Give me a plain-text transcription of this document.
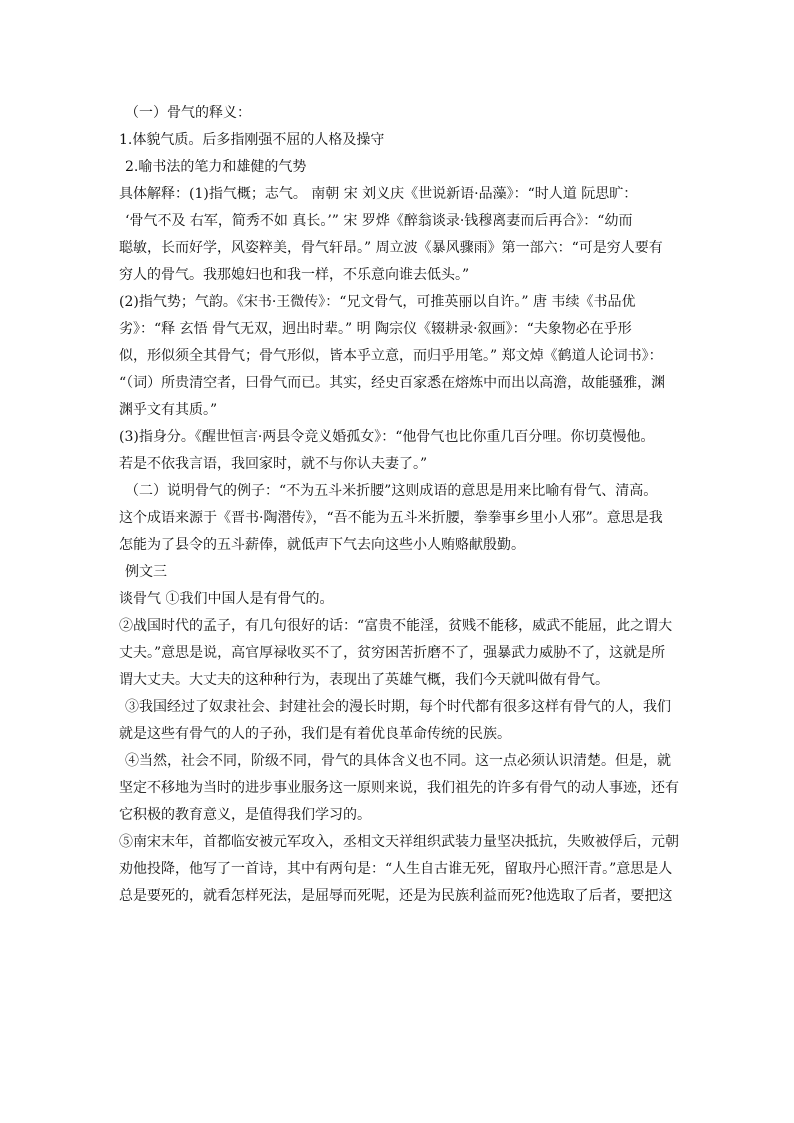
（一）骨气的释义：
1.体貌气质。后多指刚强不屈的人格及操守
2.喻书法的笔力和雄健的气势

具体解释：(1)指气概；志气。 南朝 宋 刘义庆《世说新语·品藻》：“时人道 阮思旷：
‘骨气不及 右军，简秀不如 真长。’” 宋 罗烨《醉翁谈录·钱穆离妻而后再合》：“幼而
聪敏，长而好学，风姿粹美，骨气轩昂。” 周立波《暴风骤雨》第一部六：“可是穷人要有
穷人的骨气。我那媳妇也和我一样，不乐意向谁去低头。”

(2)指气势；气韵。《宋书·王微传》：“兄文骨气，可推英丽以自许。” 唐 韦续《书品优
劣》：“释 玄悟 骨气无双，迥出时辈。” 明 陶宗仪《辍耕录·叙画》：“夫象物必在乎形
似，形似须全其骨气；骨气形似，皆本乎立意，而归乎用笔。” 郑文焯《鹤道人论词书》：
“（词）所贵清空者，曰骨气而已。其实，经史百家悉在熔炼中而出以高澹，故能骚雅，渊
渊乎文有其质。”

(3)指身分。《醒世恒言·两县令竞义婚孤女》：“他骨气也比你重几百分哩。你切莫慢他。
若是不依我言语，我回家时，就不与你认夫妻了。”

（二）说明骨气的例子：“不为五斗米折腰”这则成语的意思是用来比喻有骨气、清高。
这个成语来源于《晋书·陶潜传》，“吾不能为五斗米折腰，拳拳事乡里小人邪”。意思是我
怎能为了县令的五斗薪俸，就低声下气去向这些小人贿赂献殷勤。

例文三
谈骨气 ①我们中国人是有骨气的。

②战国时代的孟子，有几句很好的话：“富贵不能淫，贫贱不能移，威武不能屈，此之谓大
丈夫。”意思是说，高官厚禄收买不了，贫穷困苦折磨不了，强暴武力威胁不了，这就是所
谓大丈夫。大丈夫的这种种行为，表现出了英雄气概，我们今天就叫做有骨气。

③我国经过了奴隶社会、封建社会的漫长时期，每个时代都有很多这样有骨气的人，我们
就是这些有骨气的人的子孙，我们是有着优良革命传统的民族。

④当然，社会不同，阶级不同，骨气的具体含义也不同。这一点必须认识清楚。但是，就
坚定不移地为当时的进步事业服务这一原则来说，我们祖先的许多有骨气的动人事迹，还有
它积极的教育意义，是值得我们学习的。

⑤南宋末年，首都临安被元军攻入，丞相文天祥组织武装力量坚决抵抗，失败被俘后，元朝
劝他投降，他写了一首诗，其中有两句是：“人生自古谁无死，留取丹心照汗青。”意思是人
总是要死的，就看怎样死法，是屈辱而死呢，还是为民族利益而死?他选取了后者，要把这
